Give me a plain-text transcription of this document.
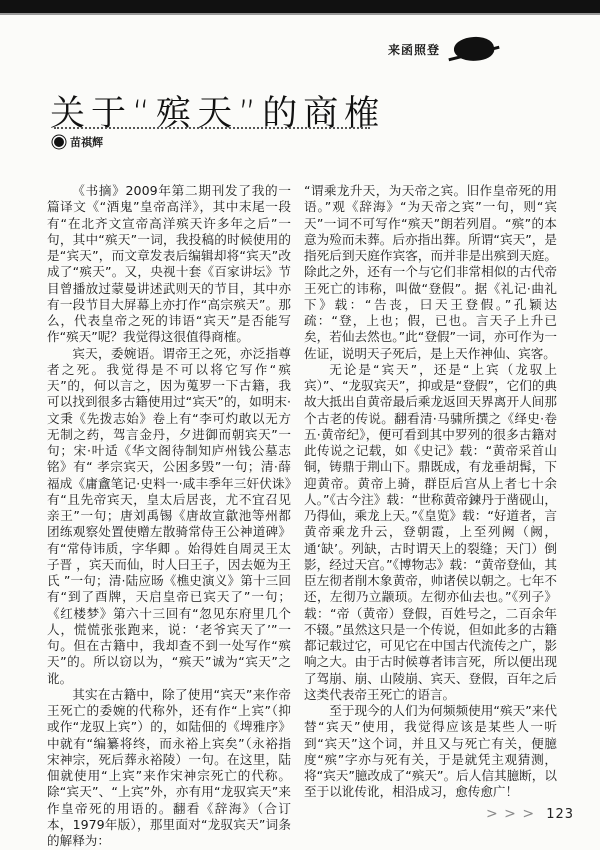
来函照登
关于“殡天”的商榷
苗祺辉

《书摘》2009年第二期刊发了我的一篇译文《“酒鬼”皇帝高洋》，其中末尾一段有“在北齐文宣帝高洋殡天许多年之后”一句，其中“殡天”一词，我投稿的时候使用的是“宾天”，而文章发表后编辑却将“宾天”改成了“殡天”。又，央视十套《百家讲坛》节目曾播放过蒙曼讲述武则天的节目，其中亦有一段节目大屏幕上亦打作“高宗殡天”。那么，代表皇帝之死的讳语“宾天”是否能写作“殡天”呢？我觉得这很值得商榷。

宾天，委婉语。谓帝王之死，亦泛指尊者之死。我觉得是不可以将它写作“殡天”的，何以言之，因为蒐罗一下古籍，我可以找到很多古籍使用过“宾天”的，如明末·文秉《先拨志始》卷上有“李可灼敢以无方无制之药，驾言金丹，夕进御而朝宾天”一句；宋·叶适《华文阁待制知庐州钱公墓志铭》有“ 孝宗宾天，公困多毁”一句；清·薛福成《庸盦笔记·史料一·咸丰季年三奸伏诛》有“且先帝宾天，皇太后居丧，尤不宜召见亲王”一句；唐刘禹锡《唐故宣歙池等州都团练观察处置使赠左散骑常侍王公神道碑》有“常侍讳质，字华卿 。始得姓自周灵王太子晋 ，宾天而仙，时人曰王子，因去姬为王氏 ”一句；清·陆应旸《樵史演义》第十三回有“到了酉牌，天启皇帝已宾天了”一句；《红楼梦》第六十三回有“忽见东府里几个人，慌慌张张跑来，说：‘老爷宾天了’”一句。但在古籍中，我却查不到一处写作“殡天”的。所以窃以为，“殡天”诚为“宾天”之讹。

其实在古籍中，除了使用“宾天”来作帝王死亡的委婉的代称外，还有作“上宾”（抑或作“龙驭上宾”）的，如陆佃的《埤雅序》中就有“编纂将终，而永裕上宾矣”（永裕指宋神宗，死后葬永裕陵）一句。在这里，陆佃就使用“上宾”来作宋神宗死亡的代称。除“宾天”、“上宾”外，亦有用“龙驭宾天”来作皇帝死的用语的。翻看《辞海》（合订本，1979年版），那里面对“龙驭宾天”词条的解释为：

“谓乘龙升天，为天帝之宾。旧作皇帝死的用语。”观《辞海》“为天帝之宾”一句，则“宾天”一词不可写作“殡天”朗若列眉。“殡”的本意为殓而未葬。后亦指出葬。所谓“宾天”，是指死后到天庭作宾客，而并非是出殡到天庭。除此之外，还有一个与它们非常相似的古代帝王死亡的讳称，叫做“登假”。据《礼记·曲礼下》载：“告丧，曰天王登假。”孔颖达疏：“登，上也；假，已也。言天子上升已矣，若仙去然也。”此“登假”一词，亦可作为一佐证，说明天子死后，是上天作神仙、宾客。

无论是“宾天”，还是“上宾（龙驭上宾）”、“龙驭宾天”，抑或是“登假”，它们的典故大抵出自黄帝最后乘龙返回天界离开人间那个古老的传说。翻看清·马骕所撰之《绎史·卷五·黄帝纪》，便可看到其中罗列的很多古籍对此传说之记载，如《史记》载：“黄帝采首山铜，铸鼎于荆山下。鼎既成，有龙垂胡髯，下迎黄帝。黄帝上骑，群臣后宫从上者七十余人。”《古今注》载：“世称黄帝鍊丹于凿砚山，乃得仙，乘龙上天。”《皇览》载：“好道者，言黄帝乘龙升云，登朝霞，上至列阙（阙，通‘缺’。列缺，古时谓天上的裂缝；天门）倒影，经过天宫。”《博物志》载：“黄帝登仙，其臣左彻者削木象黄帝，帅诸侯以朝之。七年不还，左彻乃立颛顼。左彻亦仙去也。”《列子》载：“帝（黄帝）登假，百姓号之，二百余年不辍。”虽然这只是一个传说，但如此多的古籍都记载过它，可见它在中国古代流传之广，影响之大。由于古时候尊者讳言死，所以便出现了驾崩、崩、山陵崩、宾天、登假，百年之后这类代表帝王死亡的语言。

至于现今的人们为何频频使用“殡天”来代替“宾天”使用，我觉得应该是某些人一听到“宾天”这个词，并且又与死亡有关，便臆度“殡”字亦与死有关，于是就凭主观猜测，将“宾天”臆改成了“殡天”。后人信其臆断，以至于以讹传讹，相沿成习，愈传愈广！

> > > 123
